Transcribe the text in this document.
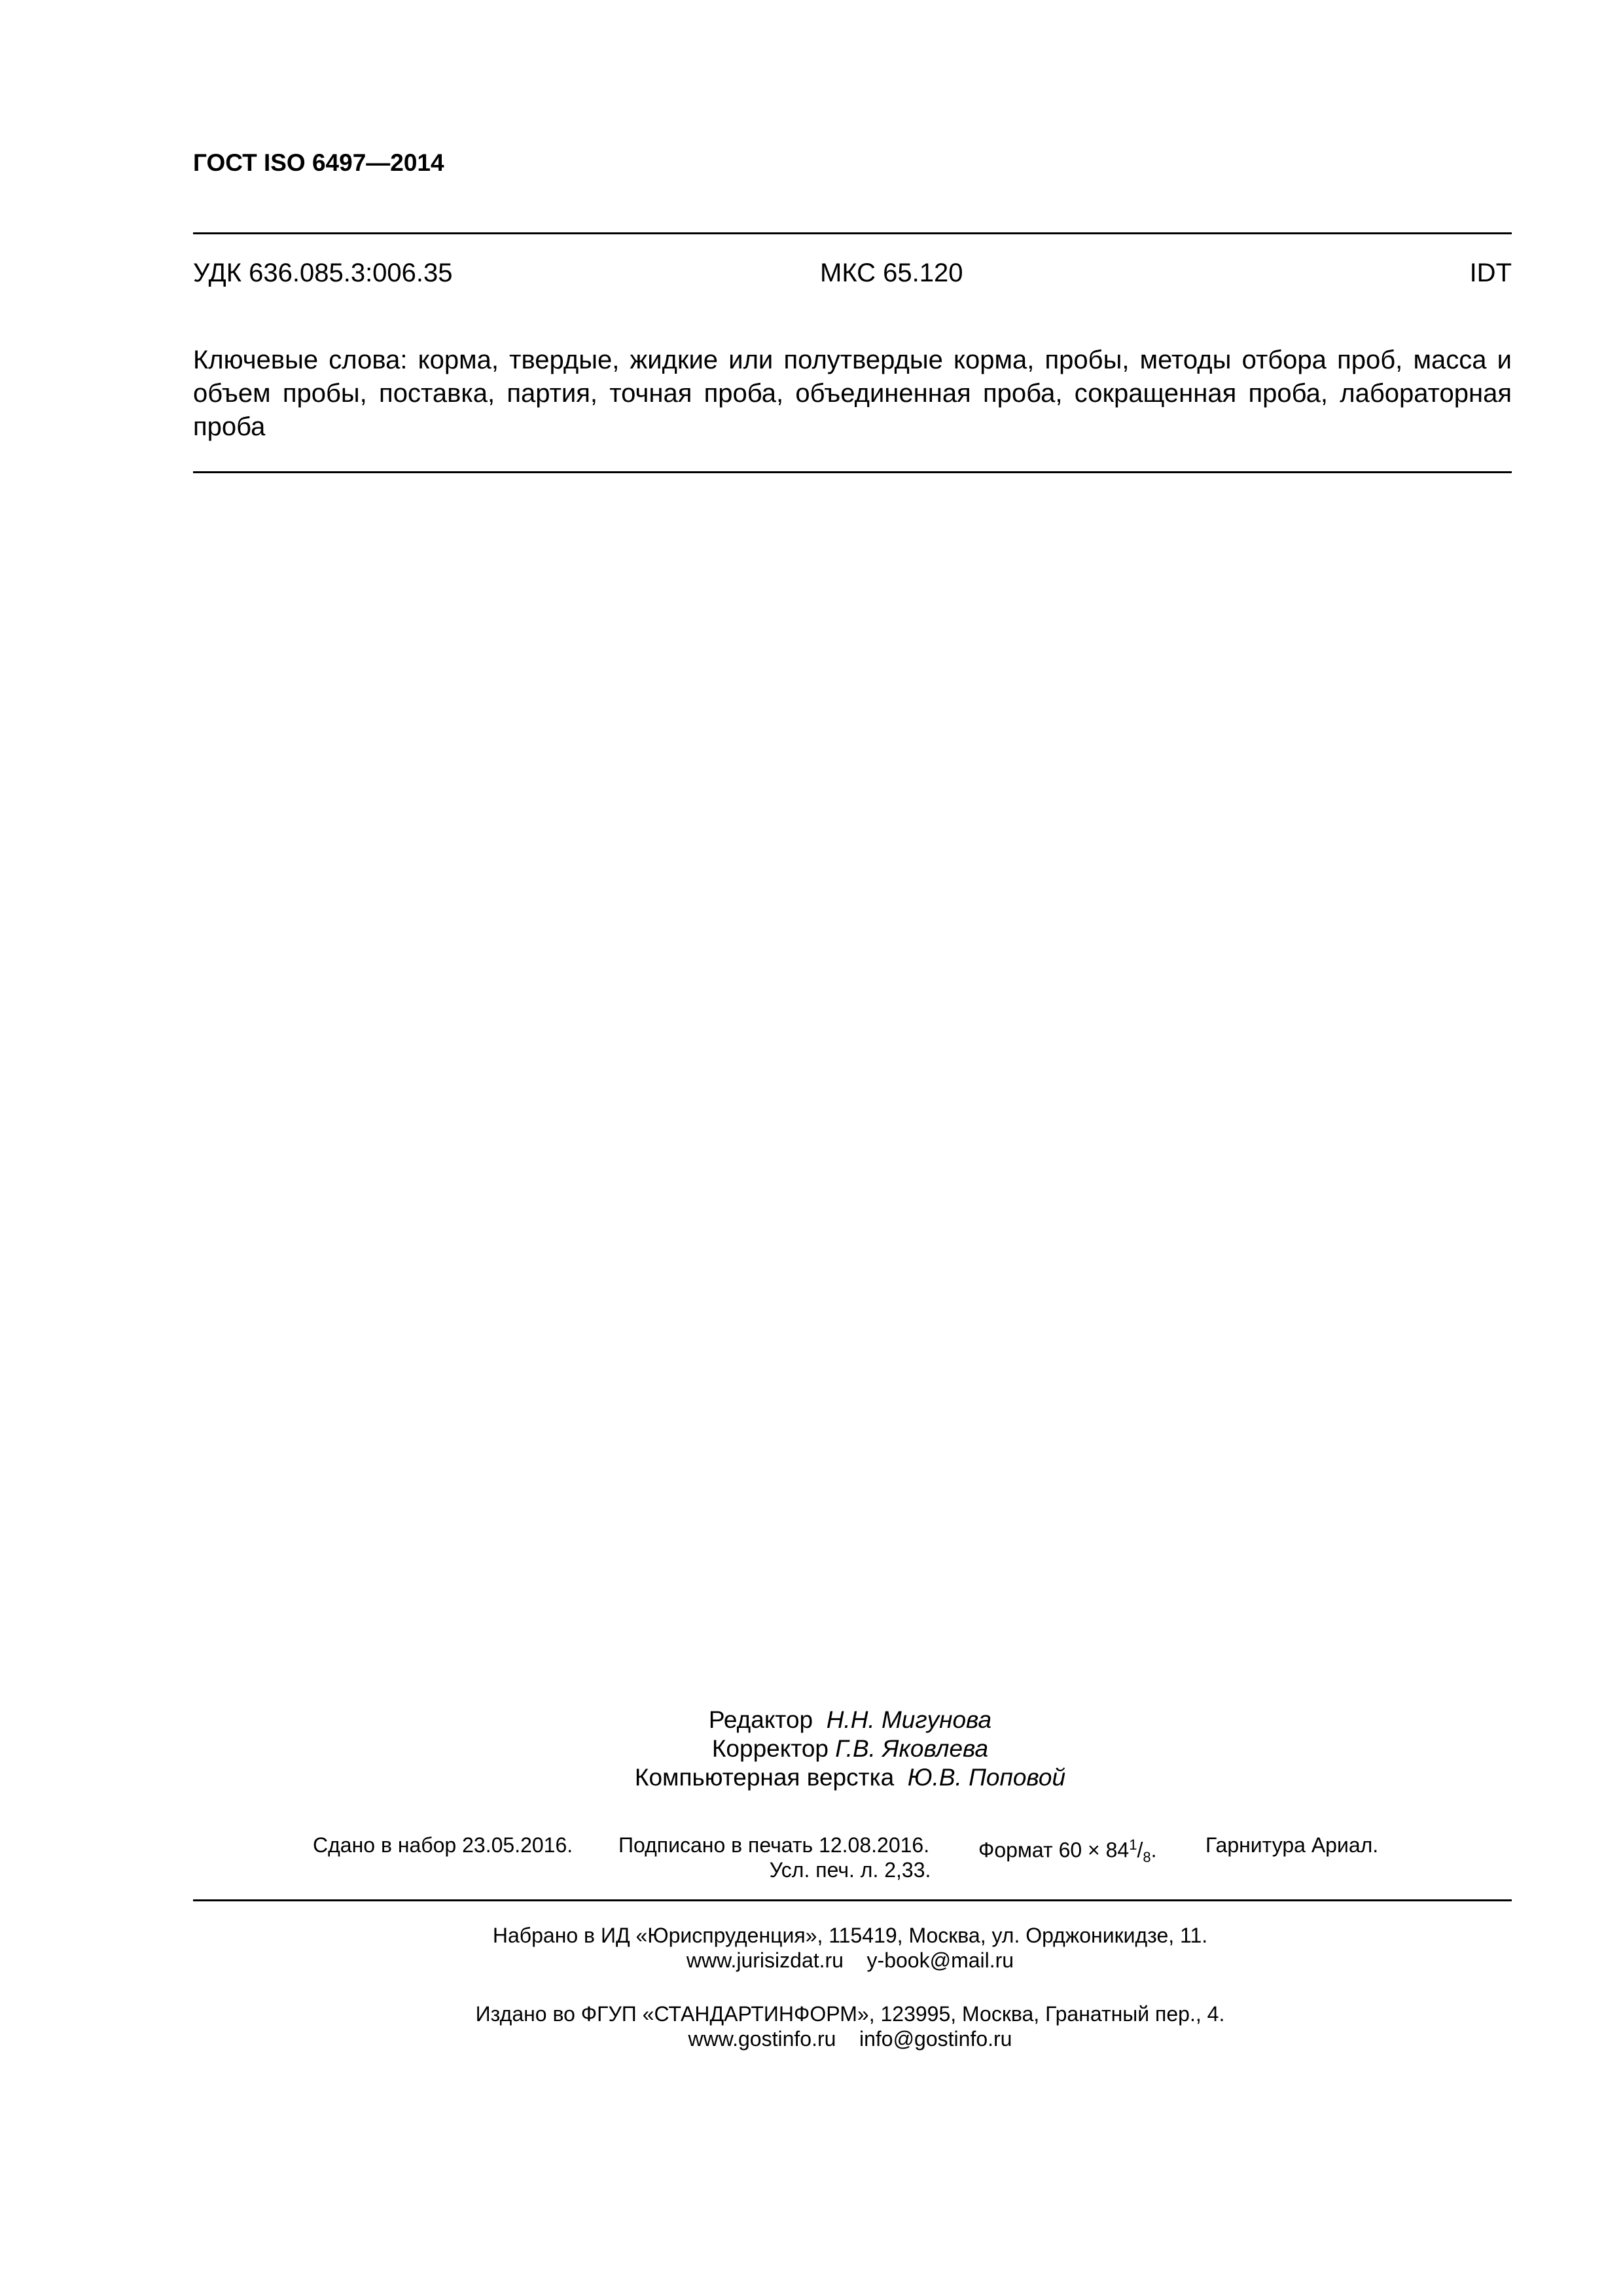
ГОСТ ISO 6497—2014
УДК 636.085.3:006.35	МКС 65.120	IDT
Ключевые слова: корма, твердые, жидкие или полутвердые корма, пробы, методы отбора проб, масса и объем пробы, поставка, партия, точная проба, объединенная проба, сокращенная проба, лабораторная проба
Редактор Н.Н. Мигунова
Корректор Г.В. Яковлева
Компьютерная верстка Ю.В. Поповой
Сдано в набор 23.05.2016. Подписано в печать 12.08.2016. Формат $60 \times 84^1/_8$. Гарнитура Ариал.
Усл. печ. л. 2,33.
Набрано в ИД «Юриспруденция», 115419, Москва, ул. Орджоникидзе, 11.
www.jurisizdat.ru y-book@mail.ru
Издано во ФГУП «СТАНДАРТИНФОРМ», 123995, Москва, Гранатный пер., 4.
www.gostinfo.ru info@gostinfo.ru
